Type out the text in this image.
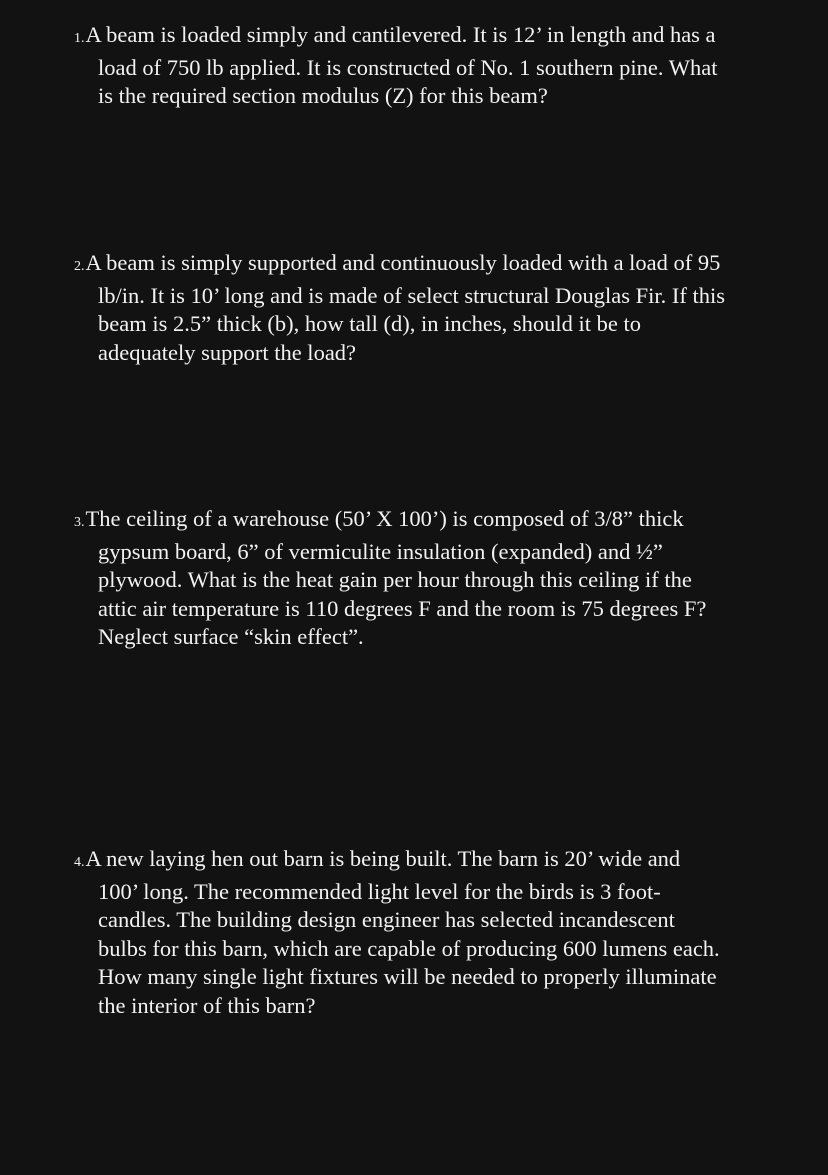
1.A beam is loaded simply and cantilevered. It is 12’ in length and has a
load of 750 lb applied. It is constructed of No. 1 southern pine. What
is the required section modulus (Z) for this beam?
2.A beam is simply supported and continuously loaded with a load of 95
lb/in. It is 10’ long and is made of select structural Douglas Fir. If this
beam is 2.5” thick (b), how tall (d), in inches, should it be to
adequately support the load?
3.The ceiling of a warehouse (50’ X 100’) is composed of 3/8” thick
gypsum board, 6” of vermiculite insulation (expanded) and ½”
plywood. What is the heat gain per hour through this ceiling if the
attic air temperature is 110 degrees F and the room is 75 degrees F?
Neglect surface “skin effect”.
4.A new laying hen out barn is being built. The barn is 20’ wide and
100’ long. The recommended light level for the birds is 3 foot-
candles. The building design engineer has selected incandescent
bulbs for this barn, which are capable of producing 600 lumens each.
How many single light fixtures will be needed to properly illuminate
the interior of this barn?
